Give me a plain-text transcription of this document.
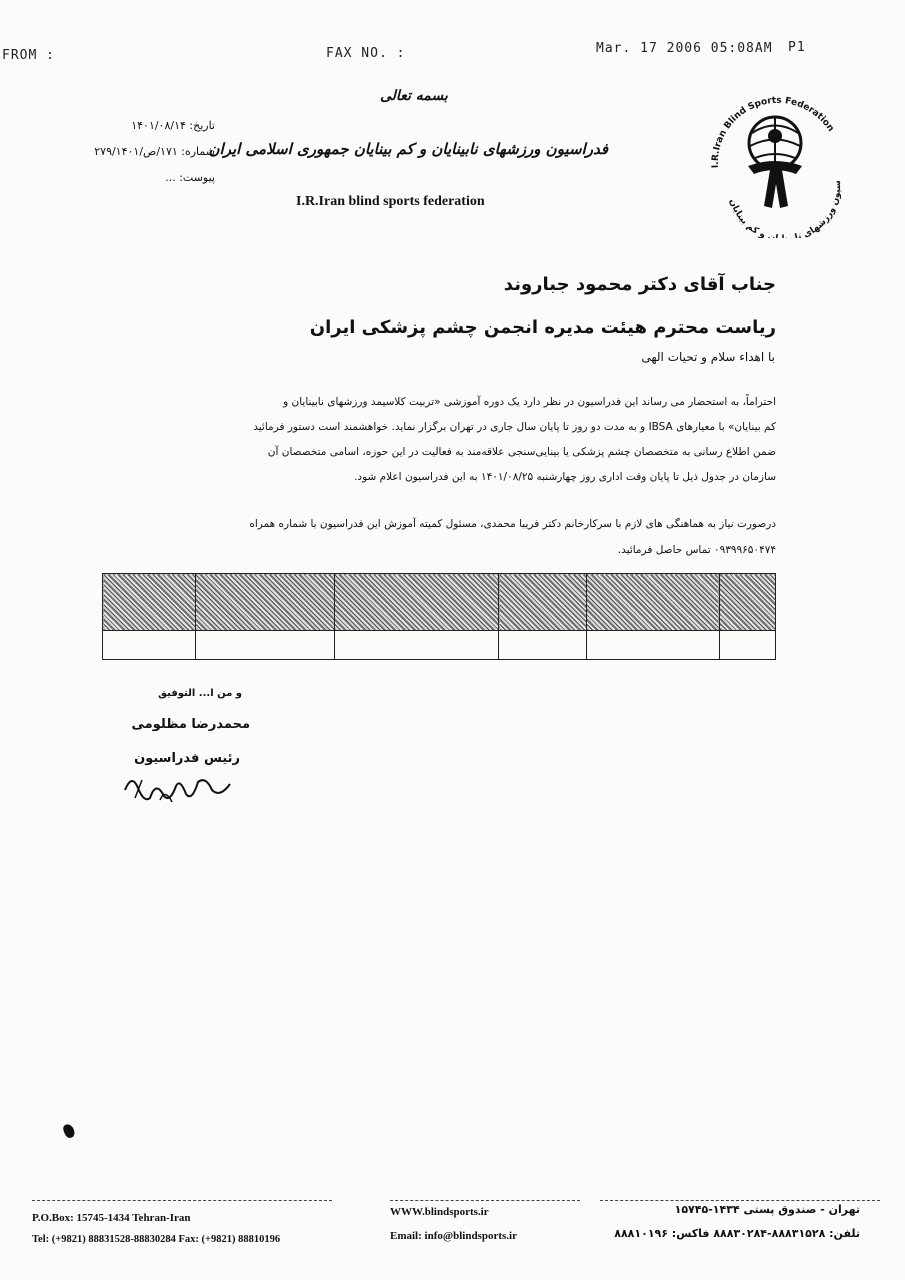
FROM :	FAX NO. :	Mar. 17 2006 05:08AM P1
بسمه تعالی
فدراسیون ورزشهای نابینایان و کم بینایان جمهوری اسلامی ایران
I.R.Iran blind sports federation
تاریخ: ۱۴۰۱/۰۸/۱۴
شماره: ۱۷۱/ص/۲۷۹/۱۴۰۱
پیوست: ...
I.R.Iran Blind Sports Federation
سیون ورزشهای نا ن و کم بینایان
جناب آقای دکتر محمود جباروند
ریاست محترم هیئت مدیره انجمن چشم پزشکی ایران
با اهداء سلام و تحیات الهی
احتراماً، به استحضار می رساند این فدراسیون در نظر دارد یک دوره آموزشی «تربیت کلاسیمد ورزشهای نابینایان و
کم بینایان» با معیارهای IBSA و به مدت دو روز تا پایان سال جاری در تهران برگزار نماید. خواهشمند است دستور فرمائید
ضمن اطلاع رسانی به متخصصان چشم پزشکی یا بینایی‌سنجی علاقه‌مند به فعالیت در این حوزه، اسامی متخصصان آن
سازمان در جدول ذیل تا پایان وقت اداری روز چهارشنبه ۱۴۰۱/۰۸/۲۵ به این فدراسیون اعلام شود.
درصورت نیاز به هماهنگی های لازم با سرکارخانم دکتر فریبا محمدی، مسئول کمیته آموزش این فدراسیون با شماره همراه
۰۹۳۹۹۶۵۰۴۷۴ تماس حاصل فرمائید.

و من ا... التوفیق
محمدرضا مظلومی
رئیس فدراسیون
P.O.Box: 15745-1434 Tehran-Iran
Tel: (+9821) 88831528-88830284 Fax: (+9821) 88810196
WWW.blindsports.ir
Email: info@blindsports.ir
تهران - صندوق پستی ۱۴۳۴-۱۵۷۴۵
تلفن: ۸۸۸۳۱۵۲۸-۸۸۸۳۰۲۸۴ فاکس: ۸۸۸۱۰۱۹۶
